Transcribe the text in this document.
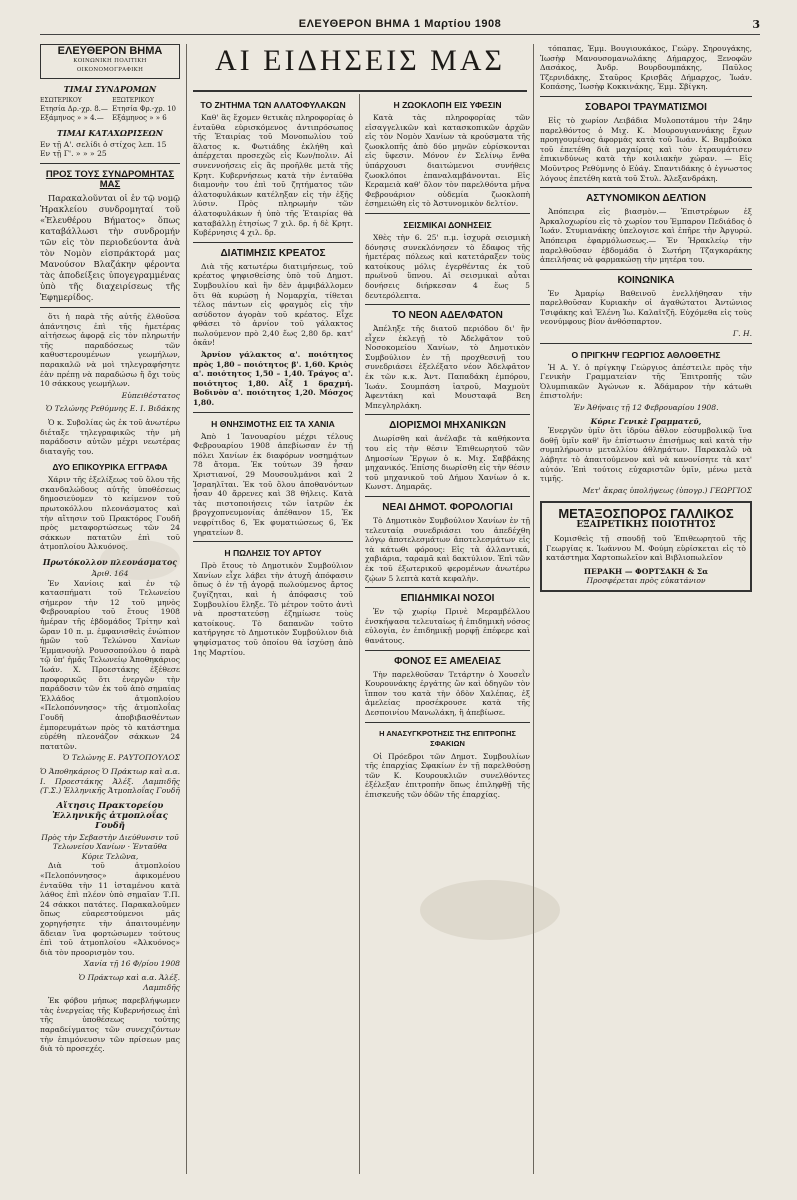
ΕΛΕΥΘΕΡΟΝ ΒΗΜΑ 1 Μαρτίου 1908	3
ΕΛΕΥΘΕΡΟΝ ΒΗΜΑ
ΚΟΙΝΩΝΙΚΗ ΠΟΛΙΤΙΚΗ ΟΙΚΟΝΟΜΟΓΡΑΦΙΚΗ
ΤΙΜΑΙ ΣΥΝΔΡΟΜΩΝ
ΕΣΩΤΕΡΙΚΟΥ	ΕΞΩΤΕΡΙΚΟΥ
Ετησία Δρ.-χρ. 8.—	Ετησία Φρ.-χρ. 10
Εξάμηνος » » 4.—	Εξάμηνος » » 6
ΤΙΜΑΙ ΚΑΤΑΧΩΡΙΣΕΩΝ
Εν τῇ Α'. σελίδι ὁ στίχος λεπ. 15
Εν τῇ Γ'. » » » 25
ΠΡΟΣ ΤΟΥΣ ΣΥΝΔΡΟΜΗΤΑΣ ΜΑΣ

Παρακαλοῦνται οἱ ἐν τῷ νομῷ Ἡρακλείου συνδρομηταί τοῦ «Ἐλευθέρου Βήματος» ὅπως καταβάλλωσι τὴν συνδρομήν τῶν εἰς τὸν περιοδεύοντα ἀνὰ τὸν Νομὸν εἰσπράκτορά μας Μανούσον Βλαζάκην φέροντα τὰς ἀποδείξεις ὑπογεγραμμένας ὑπὸ τῆς διαχειρίσεως τῆς Ἐφημερίδος.

ὅτι ἡ παρὰ τῆς αὐτῆς ἐλθοῦσα ἀπάντησις ἐπὶ τῆς ἡμετέρας αἰτήσεως ἀφορᾷ εἰς τὸν πληρωτήν τῆς παραδόσεως τῶν καθυστερουμένων γεωμήλων, παρακαλῶ νὰ μοὶ τηλεγραφήσητε ἐὰν πρέπῃ νὰ παραδώσω ἤ ὄχι τοὺς 10 σάκκους γεωμήλων.

Εὐπειθέστατος
Ὁ Τελώνης Ρεθύμνης Ε. Ι. Βιδάκης

Ὁ κ. Συβολίας ὡς ἐκ τοῦ ἀνωτέρω διέταξε τηλεγραφικῶς τὴν μὴ παράδοσιν αὐτῶν μέχρι νεωτέρας διαταγῆς του.

ΔΥΟ ΕΠΙΚΟΥΡΙΚΑ ΕΓΓΡΑΦΑ

Χάριν τῆς ἐξελίξεως τοῦ ὅλου τῆς σκανδαλώδους αὐτῆς ὑποθέσεως δημοσιεύομεν τὸ κείμενον τοῦ πρωτοκόλλου πλεονάσματος καὶ τὴν αἴτησιν τοῦ Πρακτόρος Γουδῆ πρὸς μεταφορτώσεως τῶν 24 σάκκων πατατῶν ἐπὶ τοῦ ἀτμοπλοίου Ἀλκυόνος.

Πρωτόκολλον πλεονάσματος
Ἀριθ. 164

Ἐν Χανίοις καὶ ἐν τῷ κατασπήματι τοῦ Τελωνείου σήμερον τὴν 12 τοῦ μηνὸς Φεβρουαρίου τοῦ ἔτους 1908 ἡμέραν τῆς ἑβδομάδος Τρίτην καὶ ὥραν 10 π. μ. ἐμφανισθεὶς ἐνώπιον ἡμῶν τοῦ Τελώνου Χανίων Ἐμμανουὴλ Ρουσσοπούλου ὁ παρὰ τῷ ὑπ' ἡμᾶς Τελωνείῳ Ἀποθηκάριος Ἰωάν. Χ. Προεστάκης ἐξέθεσε προφορικῶς ὅτι ἐνεργῶν τὴν παράδοσιν τῶν ἐκ τοῦ ἀπὸ σημαίας Ἑλλάδος ἀτμοπλοίου «Πελοπόννησος» τῆς ἀτμοπλοΐας Γουδῆ ἀποβιβασθέντων ἐμπορευμάτων πρὸς τὸ κατάστημα εὑρέθη πλεονάζον σάκκων 24 πατατῶν.

Ὁ Τελώνης Ε. ΡΑΥΤΟΠΟΥΛΟΣ

Ὁ Ἀποθηκάριος Ὁ Πράκτωρ καὶ α.α. Ι. Προεστάκης Ἀλέξ. Λαμπιδῆς (Τ.Σ.) Ἑλληνικῆς Ἀτμοπλοΐας Γουδῆ

Αἴτησις Πρακτορείου Ἑλληνικῆς ἀτμοπλοΐας Γουδῆ
Πρὸς τὴν Σεβαστὴν Διεύθυνσιν τοῦ Τελωνείου Χανίων · Ἐνταῦθα
Κύριε Τελῶνα,

Διὰ τοῦ ἀτμοπλοίου «Πελοπόννησος» ἀφικομένου ἐνταῦθα τὴν 11 ἰσταμένου κατὰ λάθος ἐπὶ πλέον ὑπὸ σημαῖαν Τ.Π. 24 σάκκοι πατάτες. Παρακαλοῦμεν ὅπως εὐαρεστούμενοι μᾶς χορηγήσητε τὴν ἀπαιτουμένην ἄδειαν ἵνα φορτώσωμεν τούτους ἐπὶ τοῦ ἀτμοπλοίου «Ἀλκυόνος» διὰ τὸν προορισμὸν του.

Χανία τῇ 16 Φ/ρίου 1908
Ὁ Πράκτωρ καὶ α.α. Ἀλέξ. Λαμπιδῆς

Ἐκ φόβου μήπως παρεβλήψωμεν τὰς ἐνεργείας τῆς Κυβερνήσεως ἐπὶ τῆς ὑποθέσεως τούτης παραδείγματος τῶν συνεχιζόντων τὴν ἐπιμόνευσιν τῶν πρίσεων μας διὰ τὸ προσεχές.

ΑΙ ΕΙΔΗΣΕΙΣ ΜΑΣ
ΤΟ ΖΗΤΗΜΑ ΤΩΝ ΑΛΑΤΟΦΥΛΑΚΩΝ

Καθ' ἃς ἔχομεν θετικὰς πληροφορίας ὁ ἐνταῦθα εὑρισκόμενος ἀντιπρόσωπος τῆς Ἑταιρίας τοῦ Μονοπωλίου τοῦ ἅλατος κ. Φωτιάδης ἐκλήθη καὶ ἀπέρχεται προσεχῶς εἰς Κων/πολιν. Αἱ συνεννοήσεις εἰς ἃς προῆλθε μετὰ τῆς Κρητ. Κυβερνήσεως κατὰ τὴν ἐνταῦθα διαμονὴν του ἐπὶ τοῦ ζητήματος τῶν ἁλατοφυλάκων κατέληξαν εἰς τὴν ἑξῆς λύσιν. Πρὸς πληρωμὴν τῶν ἁλατοφυλάκων ἡ ὑπὸ τῆς Ἑταιρίας θὰ καταβάλλῃ ἐτησίως 7 χιλ. δρ. ἡ δὲ Κρητ. Κυβέρνησις 4 χιλ. δρ.

ΔΙΑΤΙΜΗΣΙΣ ΚΡΕΑΤΟΣ

Διὰ τῆς κατωτέρω διατιμήσεως, τοῦ κρέατος ψηφισθείσης ὑπὸ τοῦ Δημοτ. Συμβουλίου καὶ ἣν δὲν ἀμφιβάλλομεν ὅτι θὰ κυρώσῃ ἡ Νομαρχία, τίθεται τέλος πάντων εἰς φραγμὸς εἰς τὴν ασύδοτον ἀγορὰν τοῦ κρέατος. Εἶχε φθάσει τὸ ἀρνίον τοῦ γάλακτος πωλούμενον πρὸ 2,40 ἕως 2,80 δρ. κατ' ὀκᾶν!

Ἀρνίον γάλακτος α'. ποιότητος πρὸς 1,80 – ποιότητος β'. 1,60. Κριὸς α'. ποιότητος 1,50 – 1,40. Τράγος α'. ποιότητος 1,80. Αἶξ 1 δραχμή. Βοδινὸν α'. ποιότητος 1,20. Μόσχος 1,80.

Η ΘΝΗΣΙΜΟΤΗΣ ΕΙΣ ΤΑ ΧΑΝΙΑ

Ἀπὸ 1 Ἰανουαρίου μέχρι τέλους Φεβρουαρίου 1908 ἀπεβίωσαν ἐν τῇ πόλει Χανίων ἐκ διαφόρων νοσημάτων 78 ἄτομα. Ἐκ τούτων 39 ἦσαν Χριστιανοί, 29 Μουσουλμάνοι καὶ 2 Ἰσραηλῖται. Ἐκ τοῦ ὅλου ἀποθανόντων ἦσαν 40 ἄρρενες καὶ 38 θήλεις. Κατὰ τὰς πιστοποιήσεις τῶν ἰατρῶν ἐκ βρογχοπνευμονίας ἀπέθανον 15, Ἐκ νεφρίτιδος 6, Ἐκ φυματιώσεως 6, Ἐκ γηρατείων 8.

Η ΠΩΛΗΣΙΣ ΤΟΥ ΑΡΤΟΥ

Πρὸ ἔτους τὸ Δημοτικὸν Συμβούλιον Χανίων εἶχε λάβει τὴν ἀτυχῆ ἀπόφασιν ὅπως ὁ ἐν τῇ ἀγορᾷ πωλούμενος ἄρτος ζυγίζηται, καὶ ἡ ἀπόφασις τοῦ Συμβουλίου ἔληξε. Τὸ μέτρον τοῦτο ἀντὶ νὰ προστατεύσῃ ἐζημίωσε τοὺς κατοίκους. Τὸ δαπανῶν τοῦτο κατήργησε τὸ Δημοτικὸν Συμβούλιον διὰ ψηφίσματος τοῦ ὁποίου θὰ ἰσχύσῃ ἀπὸ 1ης Μαρτίου.

Η ΖΩΟΚΛΟΠΗ ΕΙΣ ΥΦΕΣΙΝ

Κατὰ τὰς πληροφορίας τῶν εἰσαγγελικῶν καὶ κατασκοπικῶν ἀρχῶν εἰς τὸν Νομὸν Χανίων τὰ κρούσματα τῆς ζωοκλοπῆς ἀπὸ δύο μηνῶν εὑρίσκονται εἰς ὕφεσιν. Μόνον ἐν Σελίνῳ ἔνθα ὑπάρχουσι διαιτώμενοι συνήθεις ζωοκλόποι ἐπαναλαμβάνονται. Εἰς Κεραμειὰ καθ' ὅλον τὸν παρελθόντα μῆνα Φεβρουάριον οὐδεμία ζωοκλοπὴ ἐσημειώθη εἰς τὸ Ἀστυνομικὸν δελτίον.

ΣΕΙΣΜΙΚΑΙ ΔΟΝΗΣΕΙΣ

Χθὲς τὴν 6. 25' π.μ. ἰσχυρὰ σεισμικὴ δόνησις συνεκλόνησεν τὸ ἔδαφος τῆς ἡμετέρας πόλεως καὶ κατετάραξεν τοὺς κατοίκους μόλις ἐγερθέντας ἐκ τοῦ πρωϊνοῦ ὕπνου. Αἱ σεισμικαὶ αὗται δονήσεις διήρκεσαν 4 ἕως 5 δευτερόλεπτα.

ΤΟ ΝΕΟΝ ΑΔΕΛΦΑΤΟΝ

Ἀπέληξε τῆς διατοῦ περιόδου δι' ἣν εἶχεν ἐκλεγῇ τὸ Ἀδελφᾶτον τοῦ Νοσοκομείου Χανίων, τὸ Δημοτικὸν Συμβούλιον ἐν τῇ προχθεσινῇ του συνεδριάσει ἐξελέξατο νέον Ἀδελφᾶτον ἐκ τῶν κ.κ. Ἀντ. Παπαδάκη ἐμπόρου, Ἰωάν. Σουμπάση ἰατροῦ, Μαχμοὺτ Ἀφεντάκη καὶ Μουσταφᾶ Βεη Μπεγληρλάκη.

ΔΙΟΡΙΣΜΟΙ ΜΗΧΑΝΙΚΩΝ

Διωρίσθη καὶ ἀνέλαβε τὰ καθήκοντα του εἰς τὴν θέσιν Ἐπιθεωρητοῦ τῶν Δημοσίων Ἔργων ὁ κ. Μιχ. Σαββάκης μηχανικός. Ἐπίσης διωρίσθη εἰς τὴν θέσιν τοῦ μηχανικοῦ τοῦ Δήμου Χανίων ὁ κ. Κωνστ. Δημαρᾶς.

ΝΕΑΙ ΔΗΜΟΤ. ΦΟΡΟΛΟΓΙΑΙ

Τὸ Δημοτικὸν Συμβούλιον Χανίων ἐν τῇ τελευταίᾳ συνεδριάσει του ἀπεδέχθη λόγῳ ἀποτελεσμάτων ἀποτελεσμάτων εἰς τὰ κάτωθι φόρους: Εἰς τὰ ἀλλαντικά, χαβιάρια, ταραμᾶ καὶ δακτύλιον. Ἐπὶ τῶν ἐκ τοῦ ἐξωτερικοῦ φερομένων ἀνωτέρω ζῴων 5 λεπτὰ κατὰ κεφαλὴν.

ΕΠΙΔΗΜΙΚΑΙ ΝΟΣΟΙ

Ἐν τῷ χωρίῳ Πρινὲ Μεραμβέλλου ἐνσκήψασα τελευταίως ἡ ἐπιδημικὴ νόσος εὐλογία, ἐν ἐπιδημικῇ μορφῇ ἐπέφερε καὶ θανάτους.

ΦΟΝΟΣ ΕΞ ΑΜΕΛΕΙΑΣ

Τὴν παρελθοῦσαν Τετάρτην ὁ Χουσεῒν Κουρουνάκης ἐργάτης ὢν καὶ ὁδηγῶν τὸν ἵππον του κατὰ τὴν ὁδὸν Χαλέπας, ἐξ ἀμελείας προσέκρουσε κατὰ τῆς Δεσποινίου Μανωλάκη, ἣ ἀπεβίωσε.

Η ΑΝΑΣΥΓΚΡΟΤΗΣΙΣ ΤΗΣ ΕΠΙΤΡΟΠΗΣ ΣΦΑΚΙΩΝ

Οἱ Πρόεδροι τῶν Δημοτ. Συμβουλίων τῆς ἐπαρχίας Σφακίων ἐν τῇ παρελθούσῃ τῶν Κ. Κουρουκλιῶν συνελθόντες ἐξέλεξαν ἐπιτροπὴν ὅπως ἐπιληφθῇ τῆς ἐπισκευῆς τῶν ὁδῶν τῆς ἐπαρχίας.

τόπαπας, Ἐμμ. Βουγιουκάκος, Γεώργ. Σηρουγάκης, Ἰωσὴφ Μανουσομανωλάκης Δήμαρχος, Ξενοφῶν Δασάκος, Ἀνδρ. Βουρδουμπάκης, Παῦλος Τζερνιδάκης, Σταῦρος Κρισβᾶς Δήμαρχος, Ἰωάν. Κοπάσης, Ἰωσὴφ Κοκκινάκης, Ἐμμ. Σβίγκη.

ΣΟΒΑΡΟΙ ΤΡΑΥΜΑΤΙΣΜΟΙ

Εἰς τὸ χωρίον Λειβάδια Μυλοποτάμου τὴν 24ην παρελθόντος ὁ Μιχ. Κ. Μουρουγιαννάκης ἔχων προηγουμένας ἀφορμὰς κατὰ τοῦ Ἰωάν. Κ. Βαμβούκα τοῦ ἐπετέθη διὰ μαχαίρας καὶ τὸν ἐτραυμάτισεν ἐπικινδύνως κατὰ τὴν κοιλιακὴν χώραν. — Εἰς Μοῦντρος Ρεθύμνης ὁ Εὐάγ. Σπαντιδάκης ὁ ἐγνωστος λόγους ἐπετέθη κατὰ τοῦ Στυλ. Ἀλεξανδράκη.

ΑΣΤΥΝΟΜΙΚΟΝ ΔΕΛΤΙΟΝ

Ἀπόπειρα εἰς βιασμὸν.— Ἐπιστρέφων ἐξ Ἀρκαλοχωρίου εἰς τὸ χωρίον του Ἐμπαρον Πεδιάδος ὁ Ἰωάν. Στυμιανάκης ὑπελογισε καὶ ἐπῆρε τὴν Ἀργυρώ. Ἀπόπειρα ἐφαρμόλωσεως.— Ἐν Ἡρακλείῳ τὴν παρελθοῦσαν ἑβδομάδα ὁ Σωτήρη Τζαγκαράκης ἀπειλήσας νὰ φαρμακώσῃ τὴν μητέρα του.

ΚΟΙΝΩΝΙΚΑ

Ἐν Ἀμαρίῳ Βαθεινοῦ ἐνελλήθησαν τὴν παρελθοῦσαν Κυριακὴν οἱ ἀγαθώτατοι Ἀντώνιος Τσιφάκης καὶ Ἐλένη Ἰω. Καλαϊτζῆ. Εὐχόμεθα εἰς τοὺς νεονύμφους βίον ἀνθόσπαρτον.

Γ. Η.
Ο ΠΡΙΓΚΗΨ ΓΕΩΡΓΙΟΣ ΑΘΛΟΘΕΤΗΣ

Ἡ Α. Υ. ὁ πρίγκηψ Γεώργιος ἀπέστειλε πρὸς τὴν Γενικὴν Γραμματείαν τῆς Ἐπιτροπῆς τῶν Ὀλυμπιακῶν Ἀγώνων κ. Ἀδάμαρον τὴν κάτωθι ἐπιστολήν:

Ἐν Ἀθήναις τῇ 12 Φεβρουαρίου 1908.
Κύριε Γενικὲ Γραμματεῦ,

Ἐνεργῶν ὑμῖν ὅτι ἰδρύω ἆθλον εὐσυμβολικῷ ἵνα δοθῇ ὑμῖν καθ' ἣν ἐπίστωσιν ἐπισήμως καὶ κατὰ τὴν συμπλήρωσιν μεταλλίου ἀθλημάτων. Παρακαλῶ νὰ λάβητε τὸ ἀπαιτούμενον καὶ νὰ κανονίσητε τὰ κατ' αὐτόν. Ἐπὶ τούτοις εὐχαριστῶν ὑμῖν, μένω μετὰ τιμῆς.

Μετ' ἄκρας ὑπολήψεως (ὑπογρ.) ΓΕΩΡΓΙΟΣ
ΜΕΤΑΞΟΣΠΟΡΟΣ ΓΑΛΛΙΚΟΣ
ΕΞΑΙΡΕΤΙΚΗΣ ΠΟΙΟΤΗΤΟΣ

Κομισθεὶς τῇ σπουδῇ τοῦ Ἐπιθεωρητοῦ τῆς Γεωργίας κ. Ἰωάννου Μ. Φούμη εὑρίσκεται εἰς τὸ κατάστημα Χαρτοπωλεῖον καὶ Βιβλιοπωλεῖον

ΠΕΡΑΚΗ — ΦΟΡΤΣΑΚΗ & Σα
Προσφέρεται πρὸς εὐκατάνιον
